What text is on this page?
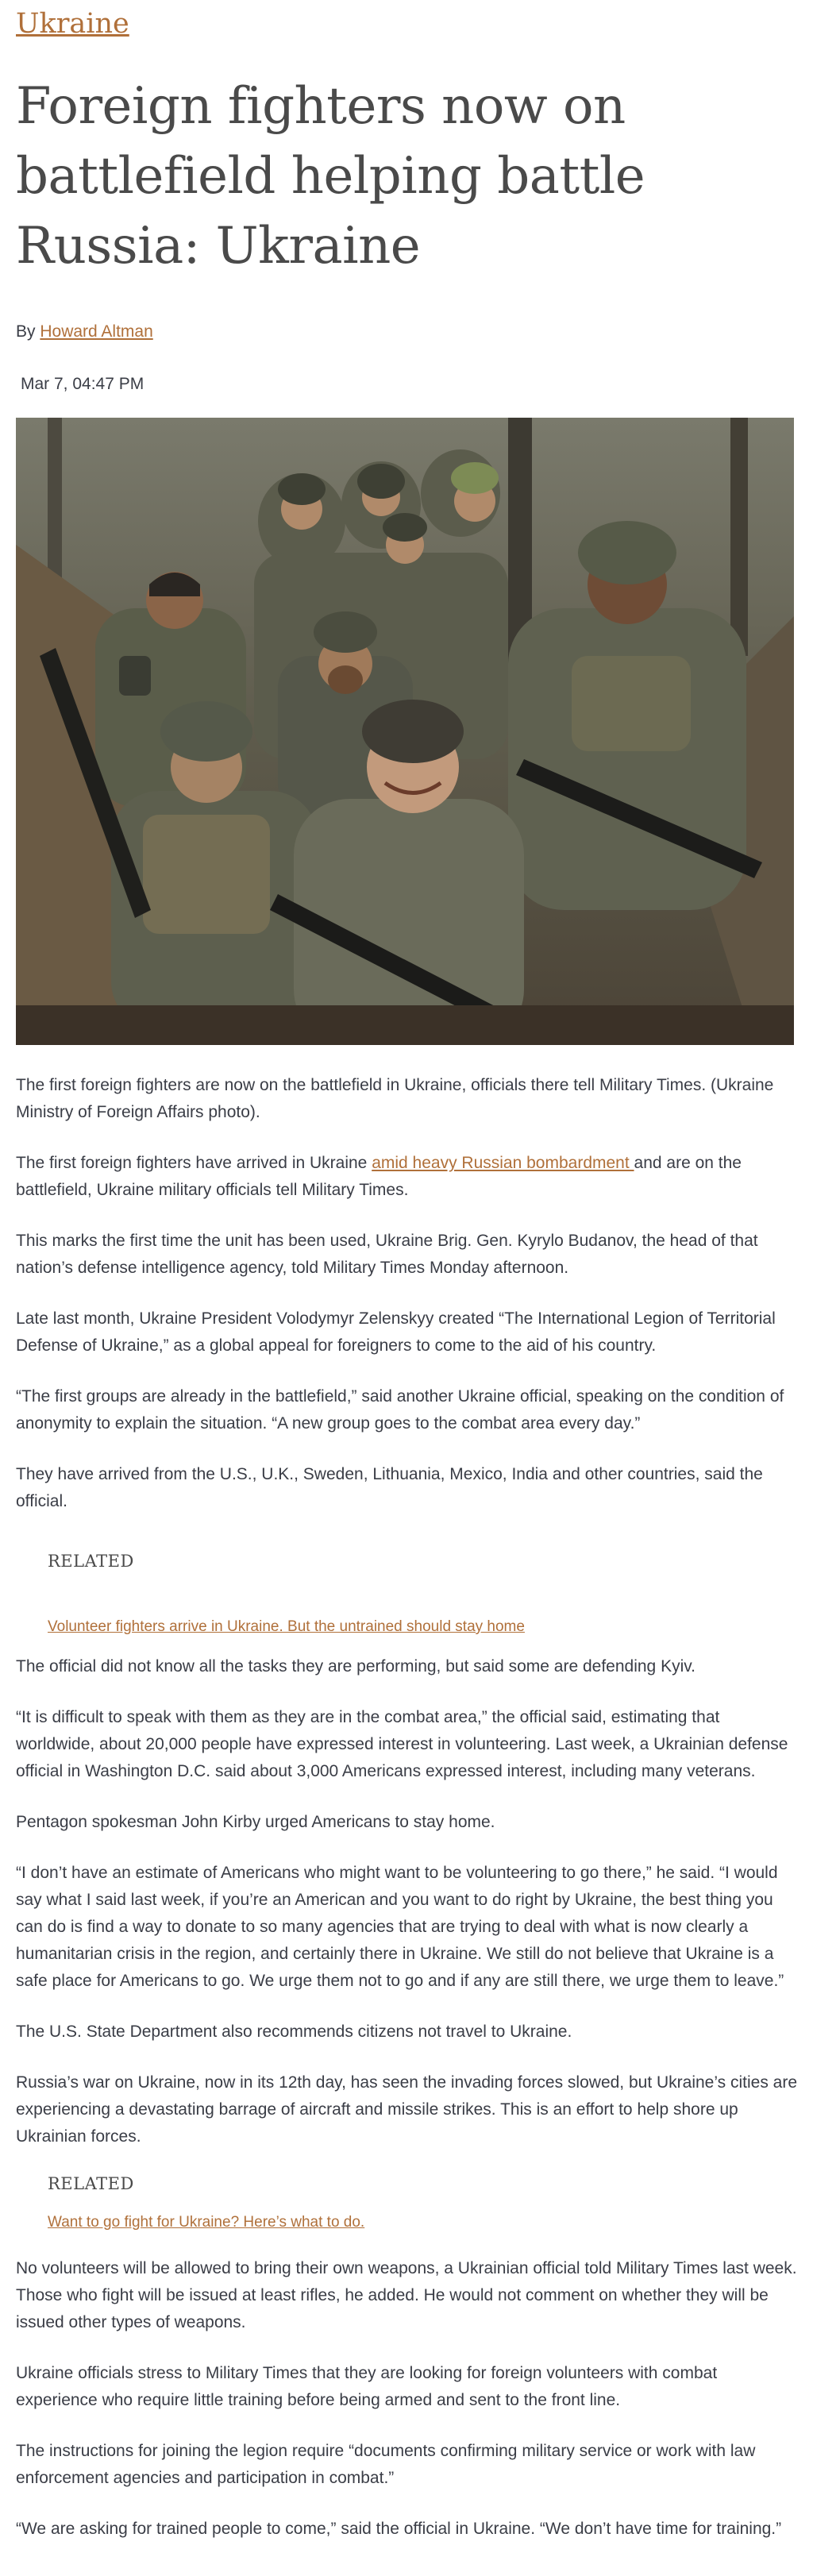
Ukraine
Foreign fighters now on battlefield helping battle Russia: Ukraine
By Howard Altman
Mar 7, 04:47 PM

The first foreign fighters are now on the battlefield in Ukraine, officials there tell Military Times. (Ukraine Ministry of Foreign Affairs photo).

The first foreign fighters have arrived in Ukraine amid heavy Russian bombardment and are on the battlefield, Ukraine military officials tell Military Times.

This marks the first time the unit has been used, Ukraine Brig. Gen. Kyrylo Budanov, the head of that nation’s defense intelligence agency, told Military Times Monday afternoon.

Late last month, Ukraine President Volodymyr Zelenskyy created “The International Legion of Territorial Defense of Ukraine,” as a global appeal for foreigners to come to the aid of his country.

“The first groups are already in the battlefield,” said another Ukraine official, speaking on the condition of anonymity to explain the situation. “A new group goes to the combat area every day.”

They have arrived from the U.S., U.K., Sweden, Lithuania, Mexico, India and other countries, said the official.

RELATED
Volunteer fighters arrive in Ukraine. But the untrained should stay home

The official did not know all the tasks they are performing, but said some are defending Kyiv.

“It is difficult to speak with them as they are in the combat area,” the official said, estimating that worldwide, about 20,000 people have expressed interest in volunteering. Last week, a Ukrainian defense official in Washington D.C. said about 3,000 Americans expressed interest, including many veterans.

Pentagon spokesman John Kirby urged Americans to stay home.

“I don’t have an estimate of Americans who might want to be volunteering to go there,” he said. “I would say what I said last week, if you’re an American and you want to do right by Ukraine, the best thing you can do is find a way to donate to so many agencies that are trying to deal with what is now clearly a humanitarian crisis in the region, and certainly there in Ukraine. We still do not believe that Ukraine is a safe place for Americans to go. We urge them not to go and if any are still there, we urge them to leave.”

The U.S. State Department also recommends citizens not travel to Ukraine.

Russia’s war on Ukraine, now in its 12th day, has seen the invading forces slowed, but Ukraine’s cities are experiencing a devastating barrage of aircraft and missile strikes. This is an effort to help shore up Ukrainian forces.

RELATED
Want to go fight for Ukraine? Here’s what to do.

No volunteers will be allowed to bring their own weapons, a Ukrainian official told Military Times last week. Those who fight will be issued at least rifles, he added. He would not comment on whether they will be issued other types of weapons.

Ukraine officials stress to Military Times that they are looking for foreign volunteers with combat experience who require little training before being armed and sent to the front line.

The instructions for joining the legion require “documents confirming military service or work with law enforcement agencies and participation in combat.”

“We are asking for trained people to come,” said the official in Ukraine. “We don’t have time for training.”
